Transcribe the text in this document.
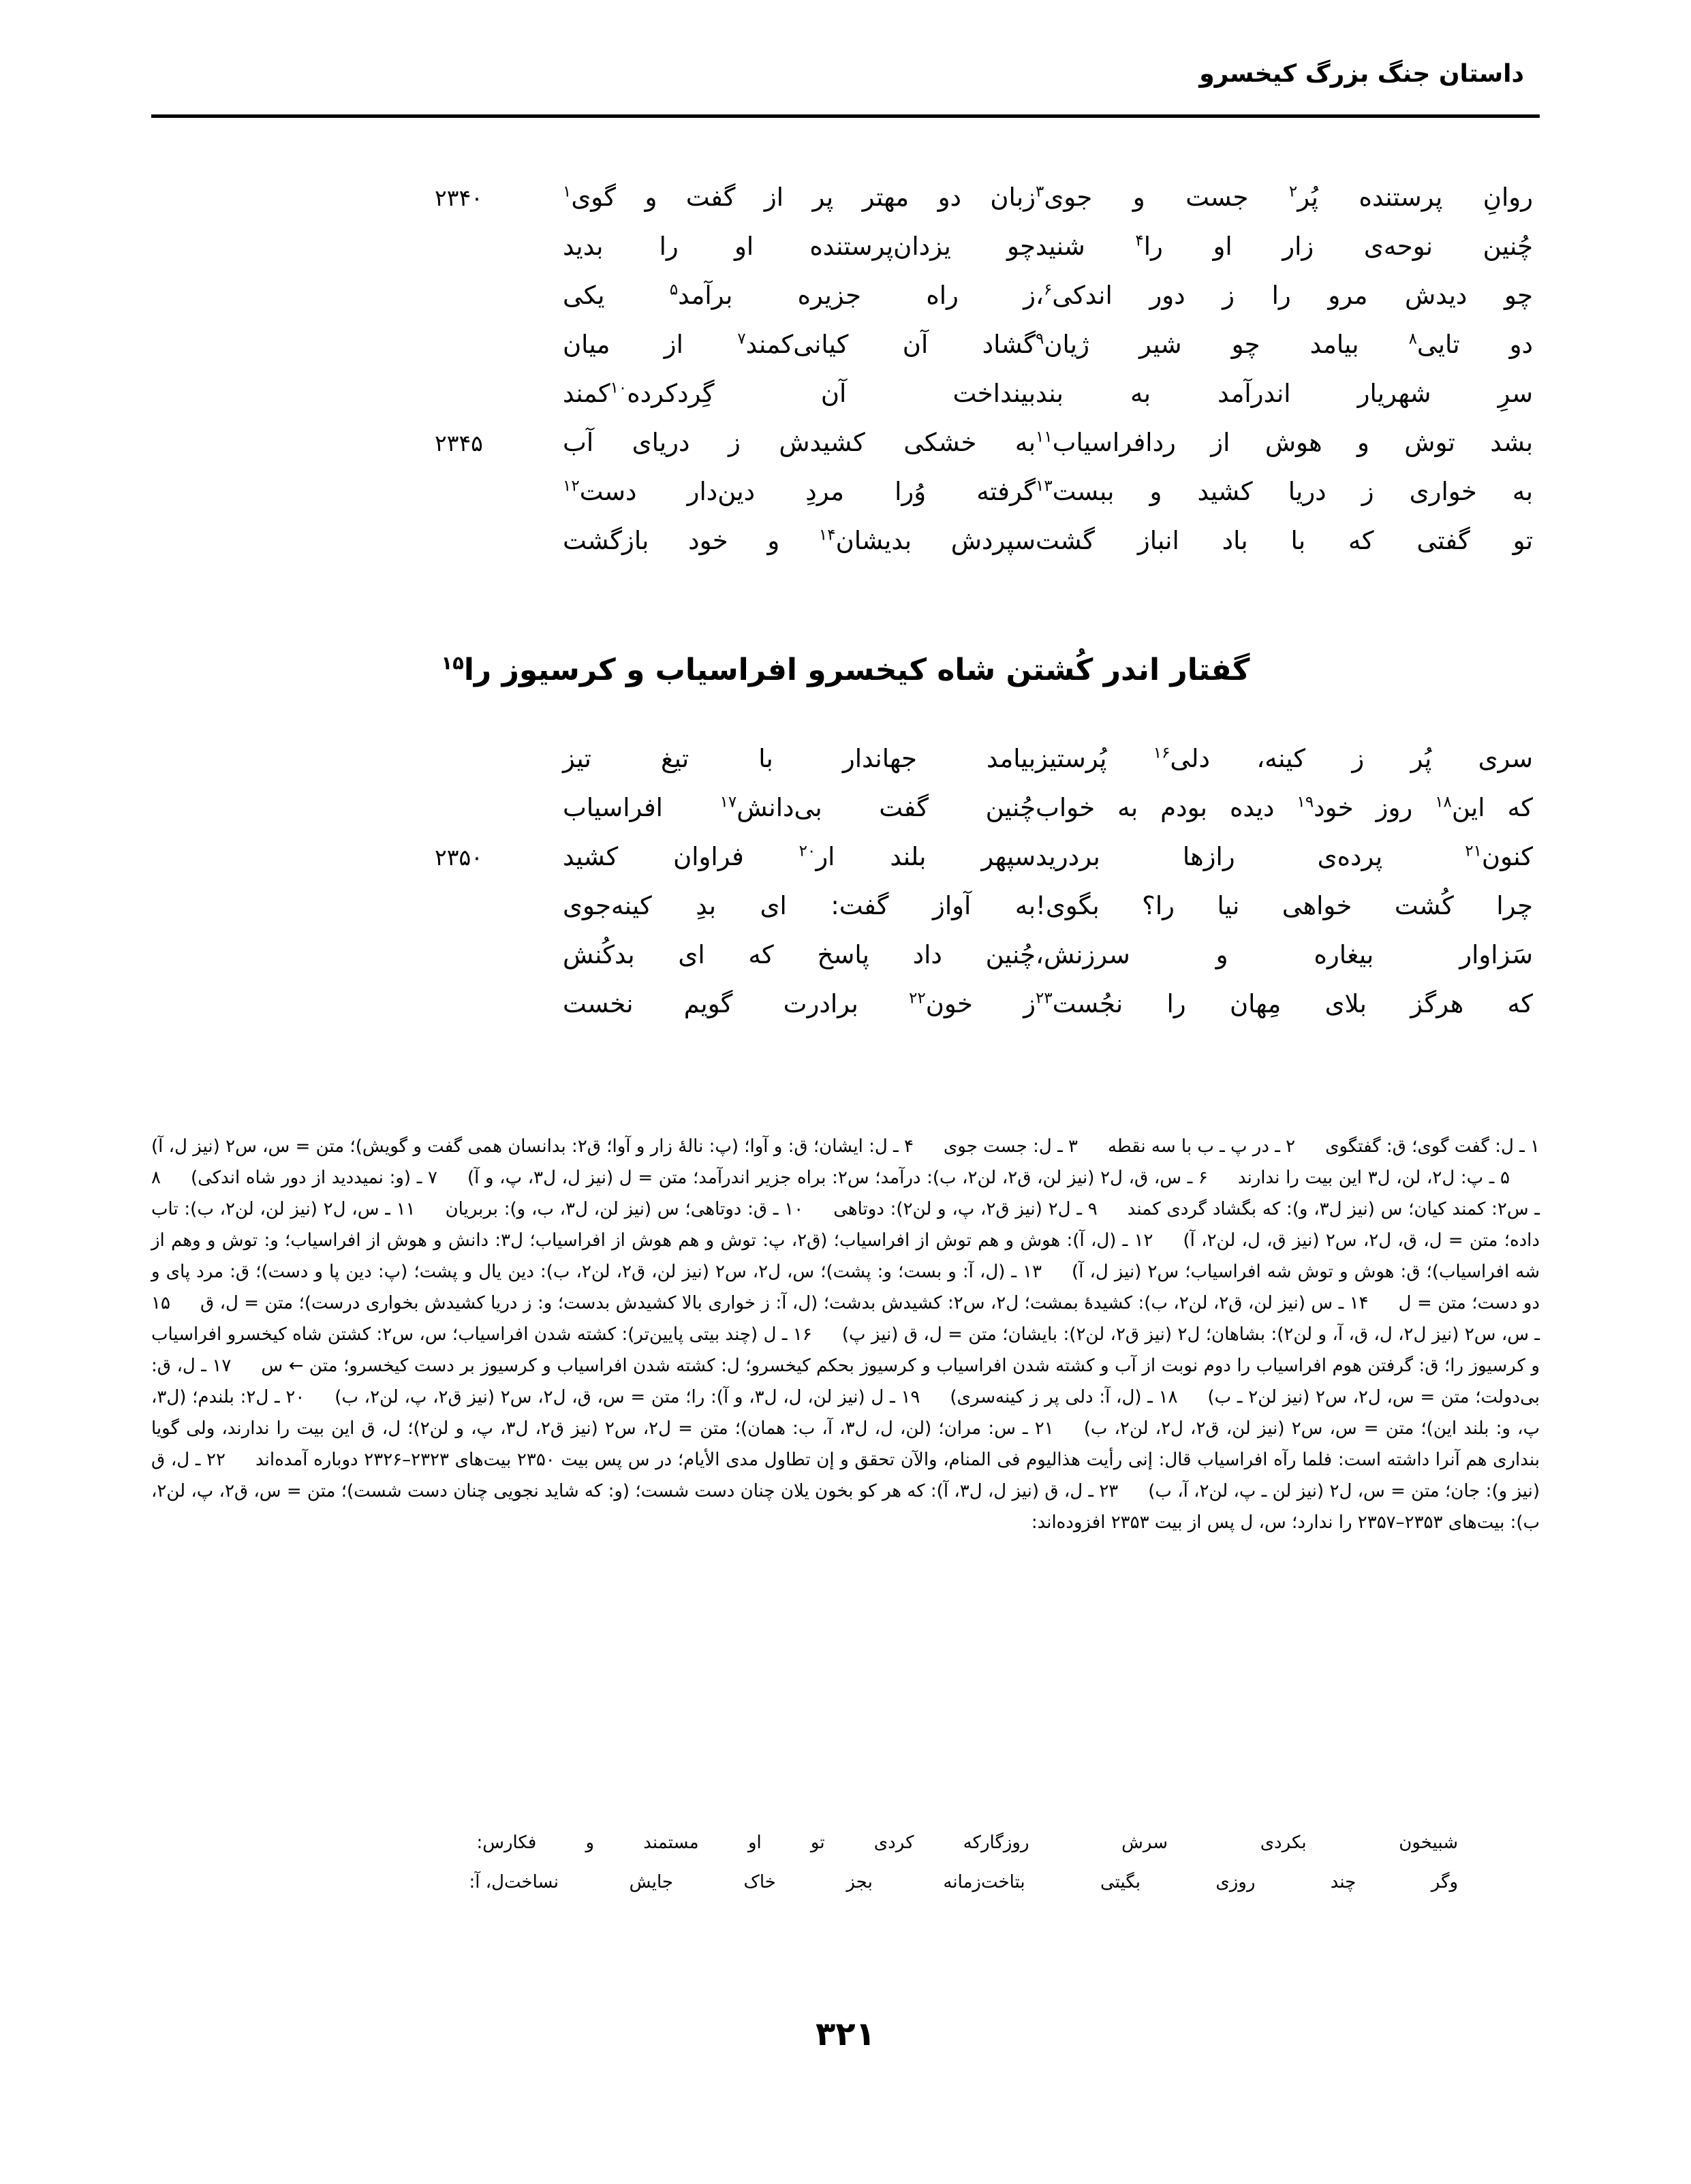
داستان جنگ بزرگ کیخسرو
روانِ پرستنده پُر$^۲$ جست و جوی$^۳$
زبان دو مهتر پر از گفت و گوی$^۱$
۲۳۴۰
چُنین نوحه‌ی زار او را$^۴$ شنید
چو یزدان‌پرستنده او را بدید
چو دیدش مرو را ز دور اندکی$^۶$،
ز راه جزیره برآمد$^۵$ یکی
دو تایی$^۸$ بیامد چو شیر ژیان$^۹$
گشاد آن کیانی‌کمند$^۷$ از میان
سرِ شهریار اندرآمد به بند
بینداخت آن گِردکرده$^{۱۰}$کمند
بشد توش و هوش از ردافراسیاب$^{۱۱}$
به خشکی کشیدش ز دریای آب
۲۳۴۵
به خواری ز دریا کشید و ببست$^{۱۳}$
گرفته وُرا مردِ دین‌دار دست$^{۱۲}$
تو گفتی که با باد انباز گشت
سپردش بدیشان$^{۱۴}$ و خود بازگشت
گفتار اندر کُشتن شاه کیخسرو افراسیاب و کرسیوز را$^{۱۵}$
سری پُر ز کینه، دلی$^{۱۶}$ پُرستیز
بیامد جهاندار با تیغ تیز
که این$^{۱۸}$ روز خود$^{۱۹}$ دیده بودم به خواب
چُنین گفت بی‌دانش$^{۱۷}$ افراسیاب
کنون$^{۲۱}$ پرده‌ی رازها بردرید
سپهر بلند ار$^{۲۰}$ فراوان کشید
۲۳۵۰
چرا کُشت خواهی نیا را؟ بگوی!
به آواز گفت: ای بدِ کینه‌جوی
سَزاوار بیغاره و سرزنش،
چُنین داد پاسخ که ای بدکُنش
که هرگز بلای مِهان را نجُست$^{۲۳}$
ز خون$^{۲۲}$ برادرت گویم نخست

۱ ـ ل: گفت گوی؛ ق: گفتگوی ۲ ـ در پ ـ ب با سه نقطه ۳ ـ ل: جست جوی ۴ ـ ل: ایشان؛ ق: و آوا؛ (پ: نالهٔ زار و آوا؛ ق٢: بدانسان همی گفت و گویش)؛ متن = س، س٢ (نیز ل، آ) ۵ ـ پ: ل٢، لن، ل٣ این بیت را ندارند ۶ ـ س، ق، ل٢ (نیز لن، ق٢، لن٢، ب): درآمد؛ س٢: براه جزیر اندرآمد؛ متن = ل (نیز ل، ل٣، پ، و آ) ۷ ـ (و: نمیددید از دور شاه اندکی) ۸ ـ س٢: کمند کیان؛ س (نیز ل٣، و): که بگشاد گردی کمند ۹ ـ ل٢ (نیز ق٢، پ، و لن٢): دوتاهی ۱۰ ـ ق: دوتاهی؛ س (نیز لن، ل٣، ب، و): بربریان ۱۱ ـ س، ل٢ (نیز لن، لن٢، ب): تاب داده؛ متن = ل، ق، ل٢، س٢ (نیز ق، ل، لن٢، آ) ۱۲ ـ (ل، آ): هوش و هم توش از افراسیاب؛ (ق٢، پ: توش و هم هوش از افراسیاب؛ ل٣: دانش و هوش از افراسیاب؛ و: توش و وهم از شه افراسیاب)؛ ق: هوش و توش شه افراسیاب؛ س٢ (نیز ل، آ) ۱۳ ـ (ل، آ: و بست؛ و: پشت)؛ س، ل٢، س٢ (نیز لن، ق٢، لن٢، ب): دین یال و پشت؛ (پ: دین پا و دست)؛ ق: مرد پای و دو دست؛ متن = ل ۱۴ ـ س (نیز لن، ق٢، لن٢، ب): کشیدهٔ بمشت؛ ل٢، س٢: کشیدش بدشت؛ (ل، آ: ز خواری بالا کشیدش بدست؛ و: ز دریا کشیدش بخواری درست)؛ متن = ل، ق ۱۵ ـ س، س٢ (نیز ل٢، ل، ق، آ، و لن٢): بشاهان؛ ل٢ (نیز ق٢، لن٢): بایشان؛ متن = ل، ق (نیز پ) ۱۶ ـ ل (چند بیتی پایین‌تر): کشته شدن افراسیاب؛ س، س٢: کشتن شاه کیخسرو افراسیاب و کرسیوز را؛ ق: گرفتن هوم افراسیاب را دوم نوبت از آب و کشته شدن افراسیاب و کرسیوز بحکم کیخسرو؛ ل: کشته شدن افراسیاب و کرسیوز بر دست کیخسرو؛ متن ← س ۱۷ ـ ل، ق: بی‌دولت؛ متن = س، ل٢، س٢ (نیز لن٢ ـ ب) ۱۸ ـ (ل، آ: دلی پر ز کینه‌سری) ۱۹ ـ ل (نیز لن، ل، ل٣، و آ): را؛ متن = س، ق، ل٢، س٢ (نیز ق٢، پ، لن٢، ب) ۲۰ ـ ل٢: بلندم؛ (ل٣، پ، و: بلند این)؛ متن = س، س٢ (نیز لن، ق٢، ل٢، لن٢، ب) ۲۱ ـ س: مران؛ (لن، ل، ل٣، آ، ب: همان)؛ متن = ل٢، س٢ (نیز ق٢، ل٣، پ، و لن٢)؛ ل، ق این بیت را ندارند، ولی گویا بنداری هم آنرا داشته است: فلما رآه افراسیاب قال: إنی رأیت هذالیوم فی المنام، والآن تحقق و إن تطاول مدی الأیام؛ در س پس بیت ۲۳۵۰ بیت‌های ۲۳۲۳–۲۳۲۶ دوباره آمده‌اند ۲۲ ـ ل، ق (نیز و): جان؛ متن = س، ل٢ (نیز لن ـ پ، لن٢، آ، ب) ۲۳ ـ ل، ق (نیز ل، ل٣، آ): که هر کو بخون یلان چنان دست شست؛ (و: که شاید نجویی چنان دست شست)؛ متن = س، ق٢، پ، لن٢، ب): بیت‌های ۲۳۵۳–۲۳۵۷ را ندارد؛ س، ل پس از بیت ۲۳۵۳ افزوده‌اند:

شبیخون بکردی سرش روزگار
که کردی تو او مستمند و فکار
س:
وگر چند روزی بگیتی بتاخت
زمانه بجز خاک جایش نساخت
ل، آ:
۳۲۱
